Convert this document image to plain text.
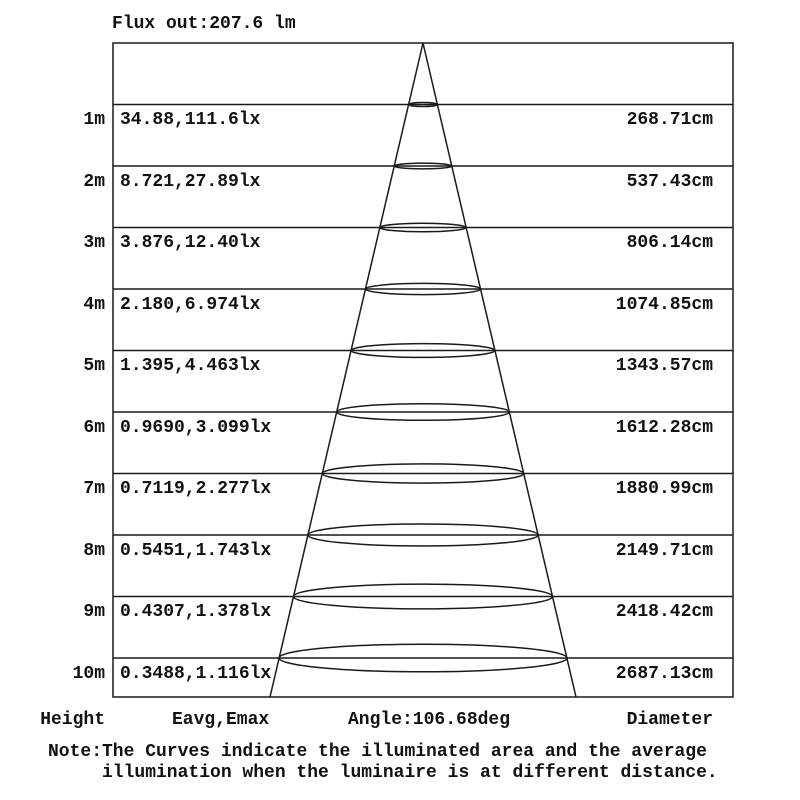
Flux out:207.6 lm
1m 34.88,111.6lx	268.71cm
2m 8.721,27.89lx	537.43cm
3m 3.876,12.40lx	806.14cm
4m 2.180,6.974lx	1074.85cm
5m 1.395,4.463lx	1343.57cm
6m 0.9690,3.099lx	1612.28cm
7m 0.7119,2.277lx	1880.99cm
8m 0.5451,1.743lx	2149.71cm
9m 0.4307,1.378lx	2418.42cm
10m 0.3488,1.116lx	2687.13cm
Height	Eavg,Emax	Angle:106.68deg	Diameter
Note:The Curves indicate the illuminated area and the average
illumination when the luminaire is at different distance.
